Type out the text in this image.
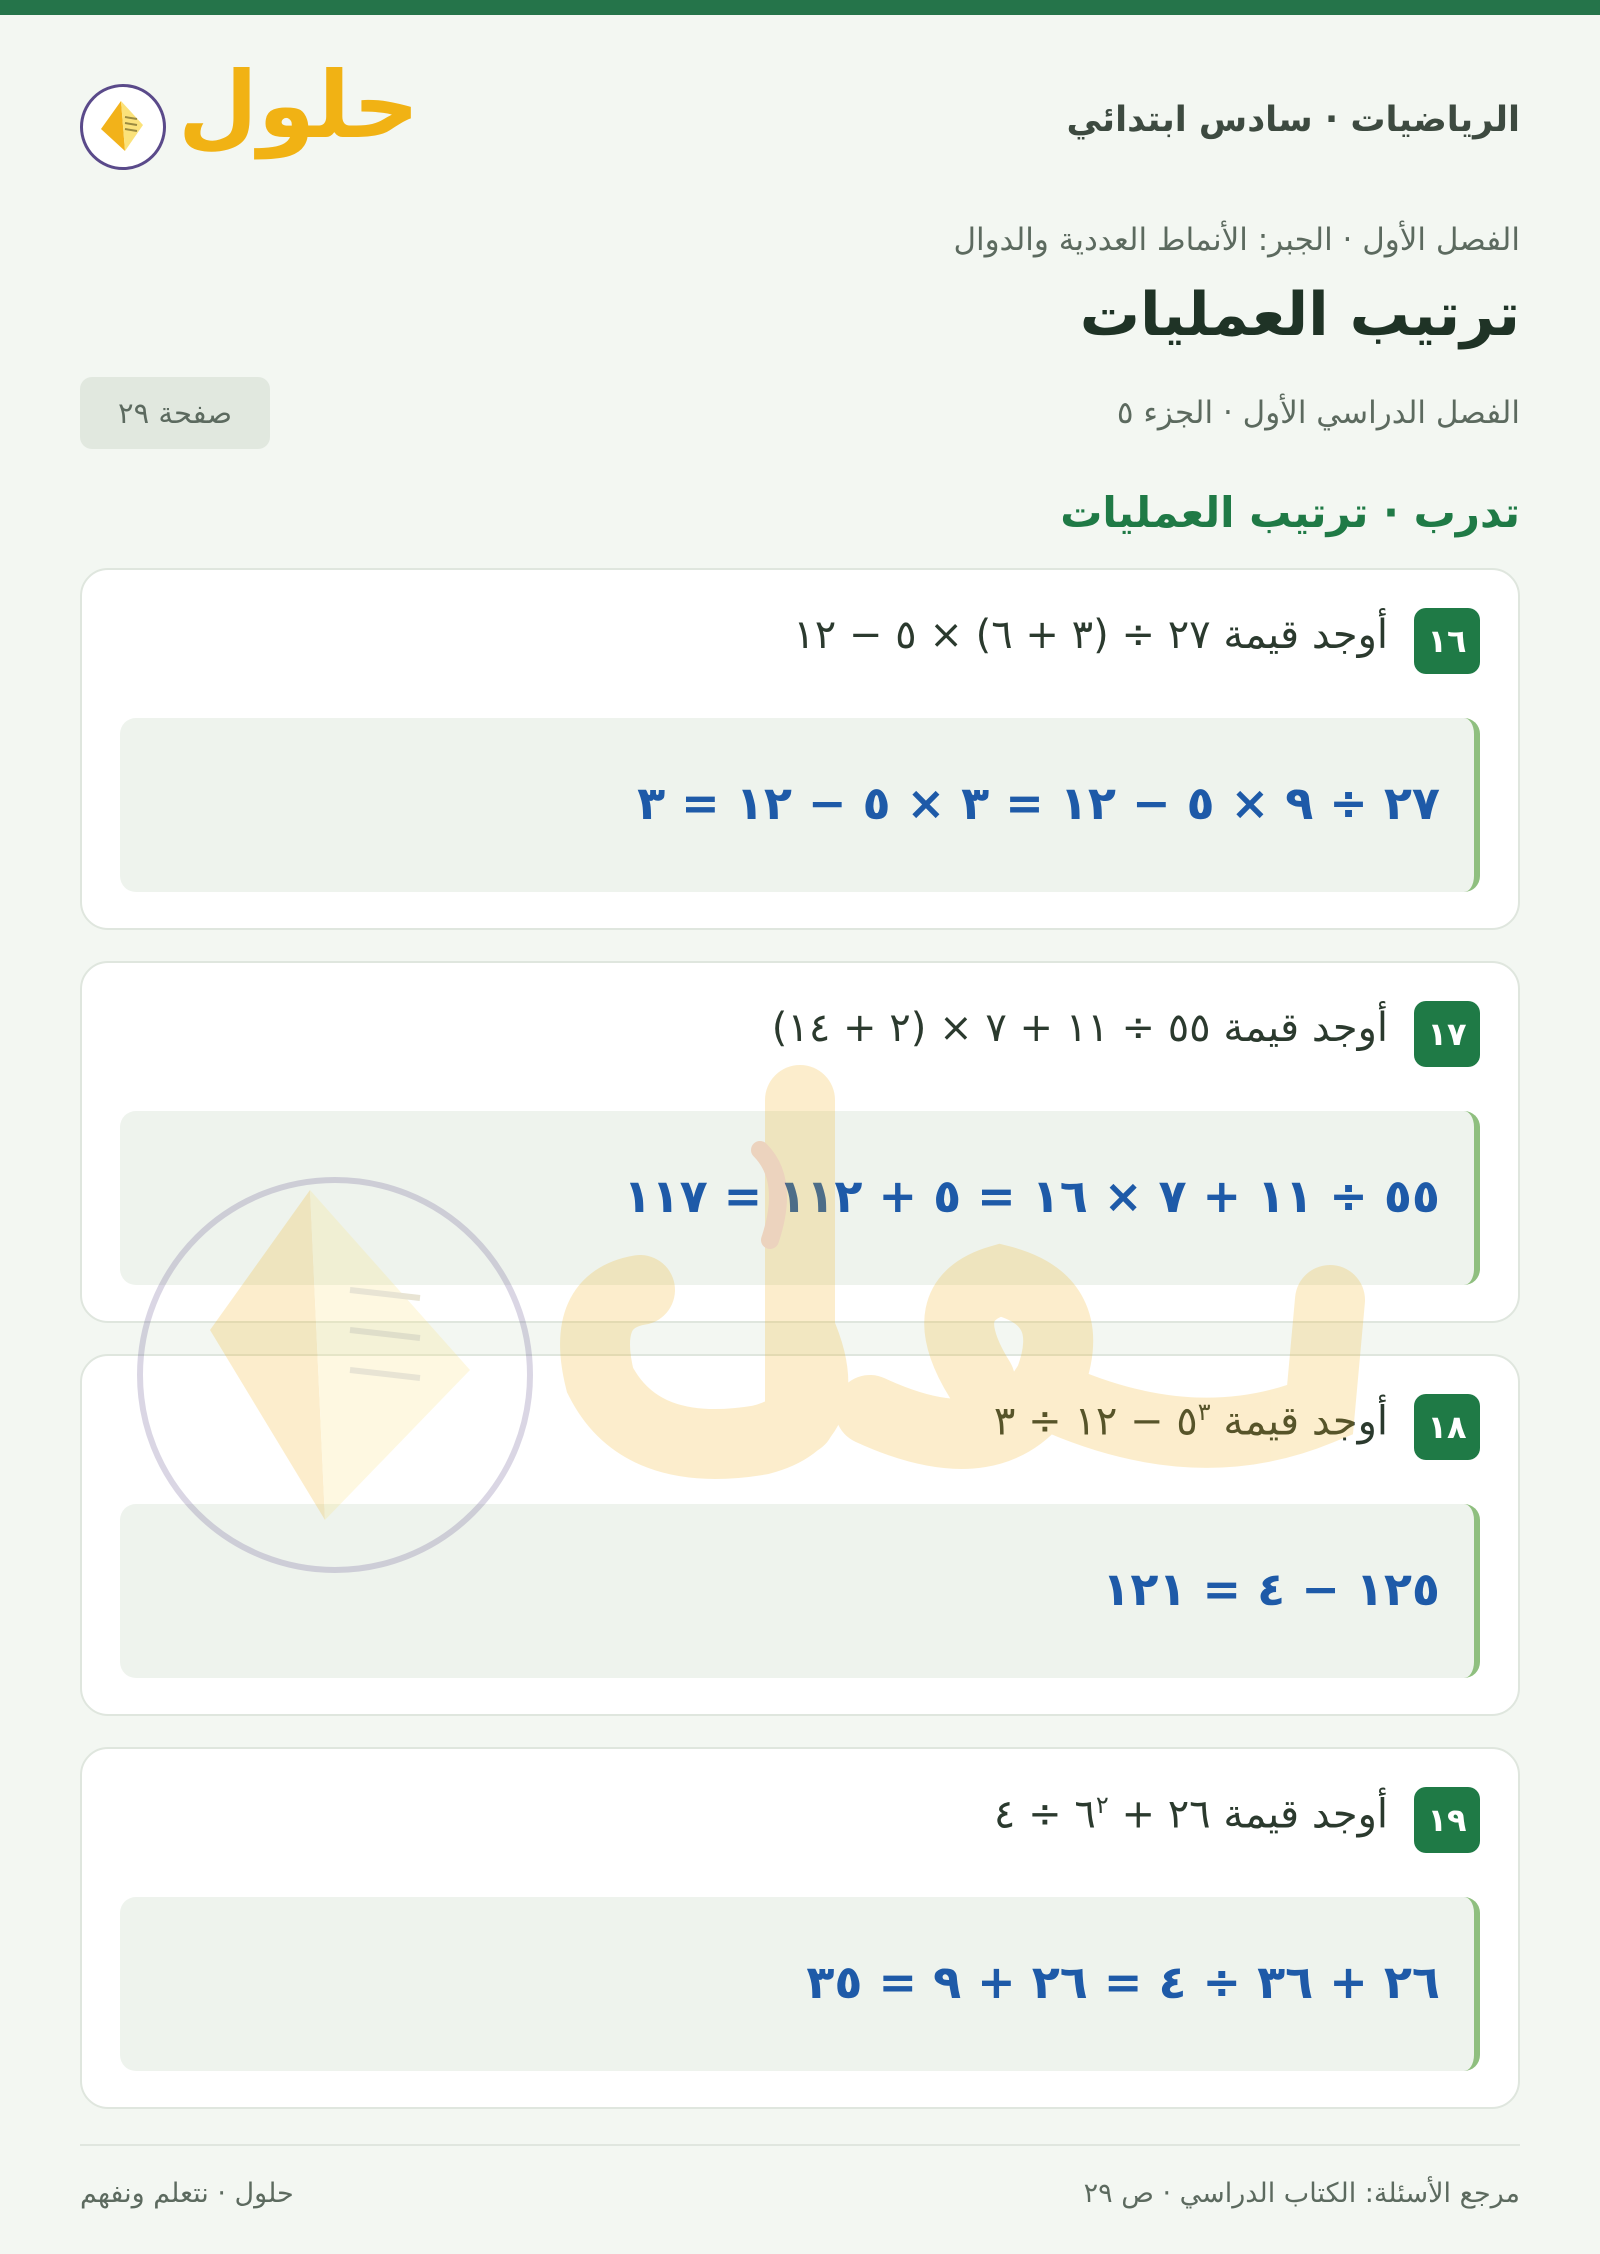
الرياضيات · سادس ابتدائي
حلول
الفصل الأول · الجبر: الأنماط العددية والدوال
ترتيب العمليات
الفصل الدراسي الأول · الجزء ٥
صفحة ٢٩
تدرب · ترتيب العمليات
١٦
أوجد قيمة ٢٧ ÷ (٣ + ٦) × ٥ − ١٢
٢٧ ÷ ٩ × ٥ − ١٢ = ٣ × ٥ − ١٢ = ٣
١٧
أوجد قيمة ٥٥ ÷ ١١ + ٧ × (٢ + ١٤)
٥٥ ÷ ١١ + ٧ × ١٦ = ٥ + ١١٢ = ١١٧
١٨
أوجد قيمة $٥^٣$ − ١٢ ÷ ٣
١٢٥ − ٤ = ١٢١
١٩
أوجد قيمة ٢٦ + $٦^٢$ ÷ ٤
٢٦ + ٣٦ ÷ ٤ = ٢٦ + ٩ = ٣٥
حلول · نتعلم ونفهم	مرجع الأسئلة: الكتاب الدراسي · ص ٢٩
